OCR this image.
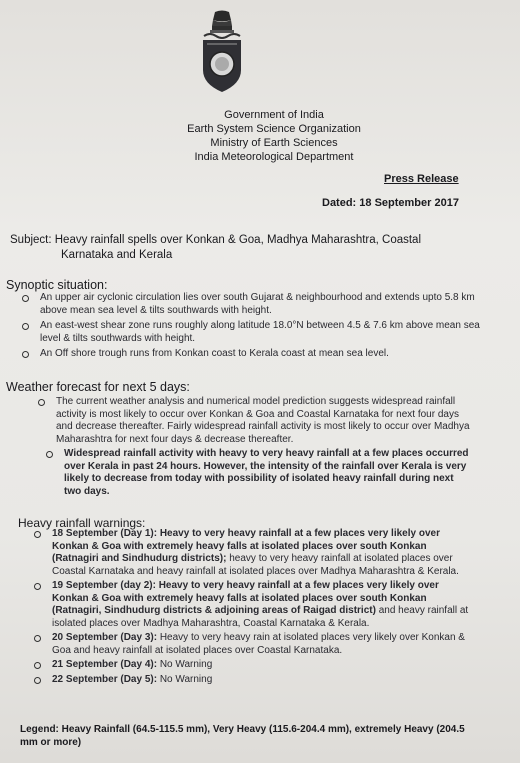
Government of India
Earth System Science Organization
Ministry of Earth Sciences
India Meteorological Department
Press Release
Dated: 18 September 2017
Subject: Heavy rainfall spells over Konkan & Goa, Madhya Maharashtra, Coastal
Karnataka and Kerala
Synoptic situation:
An upper air cyclonic circulation lies over south Gujarat & neighbourhood and extends upto 5.8 km above mean sea level & tilts southwards with height.
An east-west shear zone runs roughly along latitude 18.0°N between 4.5 & 7.6 km above mean sea level & tilts southwards with height.
An Off shore trough runs from Konkan coast to Kerala coast at mean sea level.
Weather forecast for next 5 days:
The current weather analysis and numerical model prediction suggests widespread rainfall activity is most likely to occur over Konkan & Goa and Coastal Karnataka for next four days and decrease thereafter. Fairly widespread rainfall activity is most likely to occur over Madhya Maharashtra for next four days & decrease thereafter.
Widespread rainfall activity with heavy to very heavy rainfall at a few places occurred over Kerala in past 24 hours. However, the intensity of the rainfall over Kerala is very likely to decrease from today with possibility of isolated heavy rainfall during next two days.
Heavy rainfall warnings:
18 September (Day 1): Heavy to very heavy rainfall at a few places very likely over Konkan & Goa with extremely heavy falls at isolated places over south Konkan (Ratnagiri and Sindhudurg districts); heavy to very heavy rainfall at isolated places over Coastal Karnataka and heavy rainfall at isolated places over Madhya Maharashtra & Kerala.
19 September (day 2): Heavy to very heavy rainfall at a few places very likely over Konkan & Goa with extremely heavy falls at isolated places over south Konkan (Ratnagiri, Sindhudurg districts & adjoining areas of Raigad district) and heavy rainfall at isolated places over Madhya Maharashtra, Coastal Karnataka & Kerala.
20 September (Day 3): Heavy to very heavy rain at isolated places very likely over Konkan & Goa and heavy rainfall at isolated places over Coastal Karnataka.
21 September (Day 4): No Warning
22 September (Day 5): No Warning
Legend: Heavy Rainfall (64.5-115.5 mm), Very Heavy (115.6-204.4 mm), extremely Heavy (204.5 mm or more)
